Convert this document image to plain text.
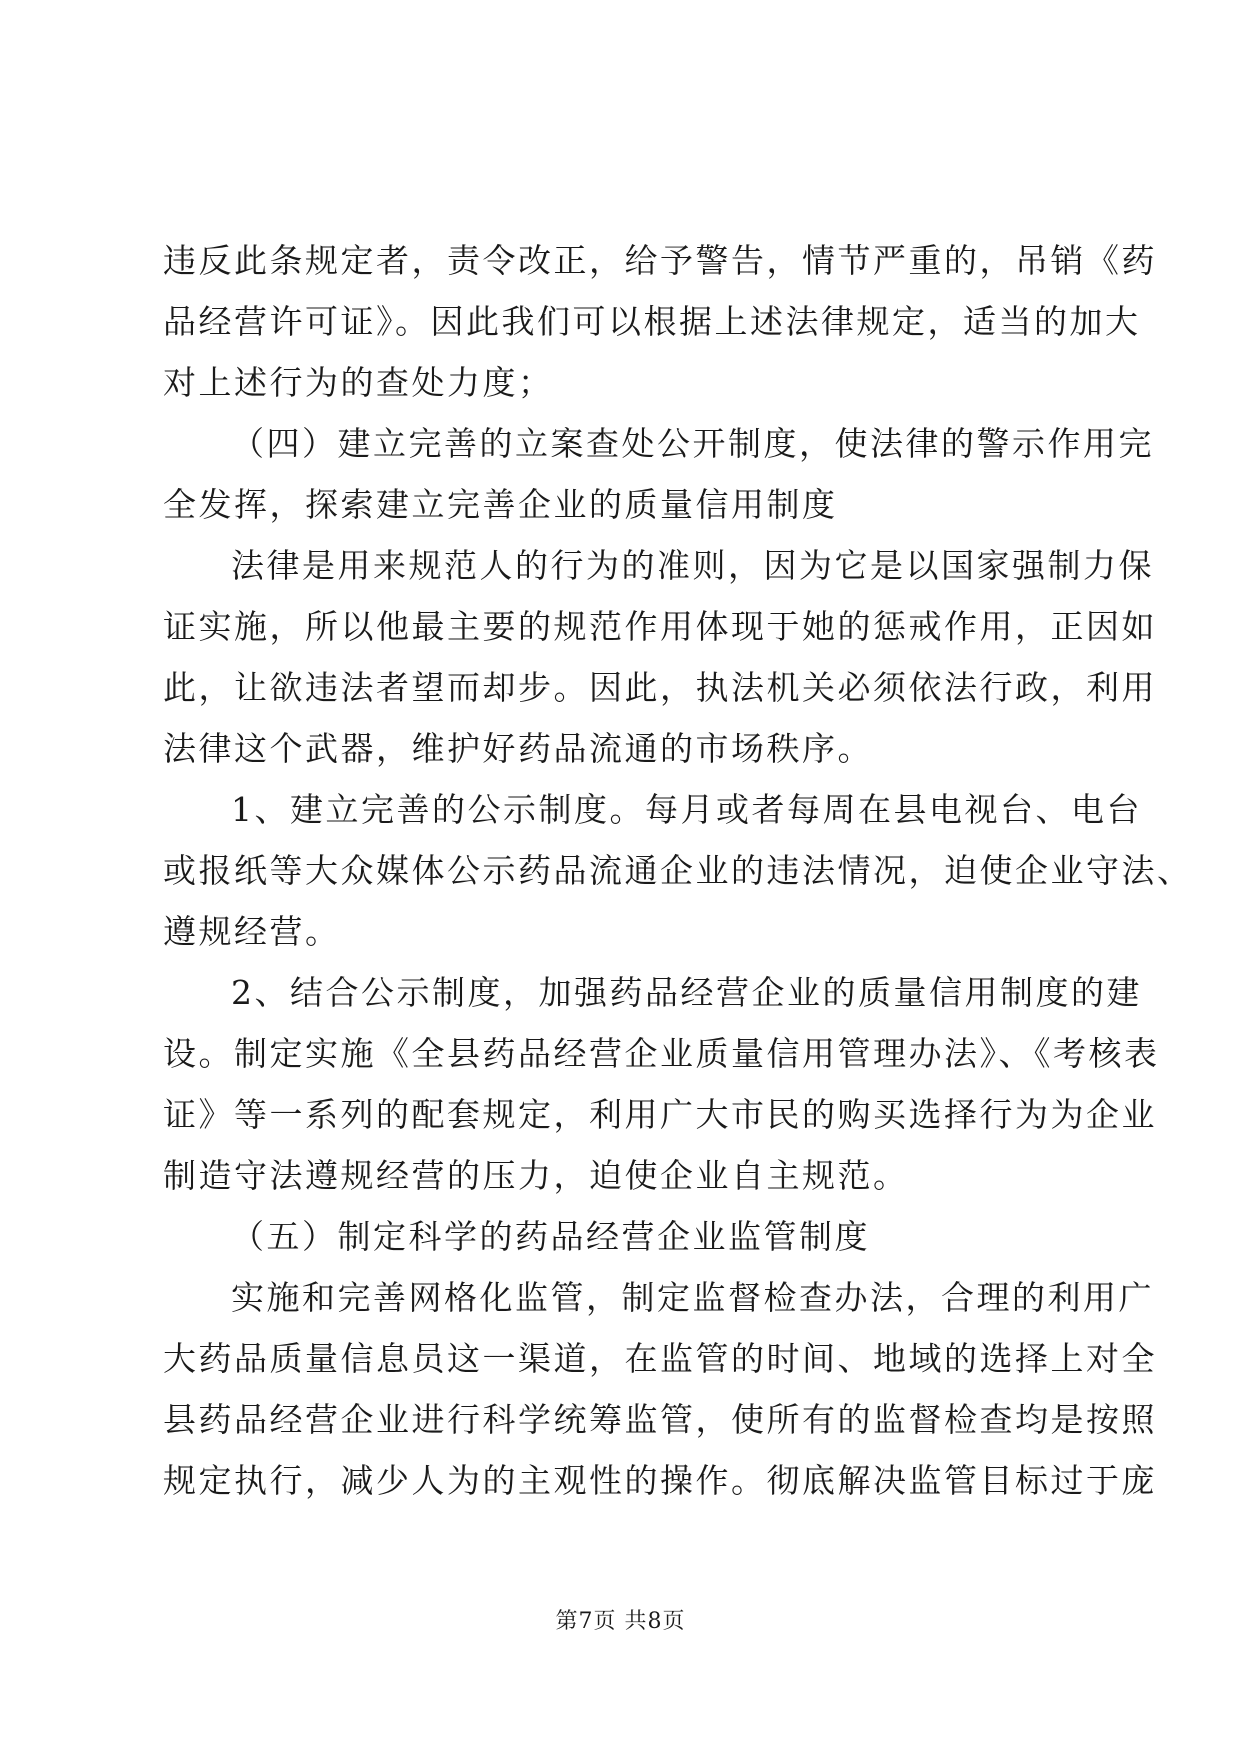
违反此条规定者，责令改正，给予警告，情节严重的，吊销《药
品经营许可证》。因此我们可以根据上述法律规定，适当的加大
对上述行为的查处力度；
（四）建立完善的立案查处公开制度，使法律的警示作用完
全发挥，探索建立完善企业的质量信用制度
法律是用来规范人的行为的准则，因为它是以国家强制力保
证实施，所以他最主要的规范作用体现于她的惩戒作用，正因如
此，让欲违法者望而却步。因此，执法机关必须依法行政，利用
法律这个武器，维护好药品流通的市场秩序。
1、建立完善的公示制度。每月或者每周在县电视台、电台
或报纸等大众媒体公示药品流通企业的违法情况，迫使企业守法、
遵规经营。
2、结合公示制度，加强药品经营企业的质量信用制度的建
设。制定实施《全县药品经营企业质量信用管理办法》、《考核表
证》等一系列的配套规定，利用广大市民的购买选择行为为企业
制造守法遵规经营的压力，迫使企业自主规范。
（五）制定科学的药品经营企业监管制度
实施和完善网格化监管，制定监督检查办法，合理的利用广
大药品质量信息员这一渠道，在监管的时间、地域的选择上对全
县药品经营企业进行科学统筹监管，使所有的监督检查均是按照
规定执行，减少人为的主观性的操作。彻底解决监管目标过于庞
第7页 共8页
